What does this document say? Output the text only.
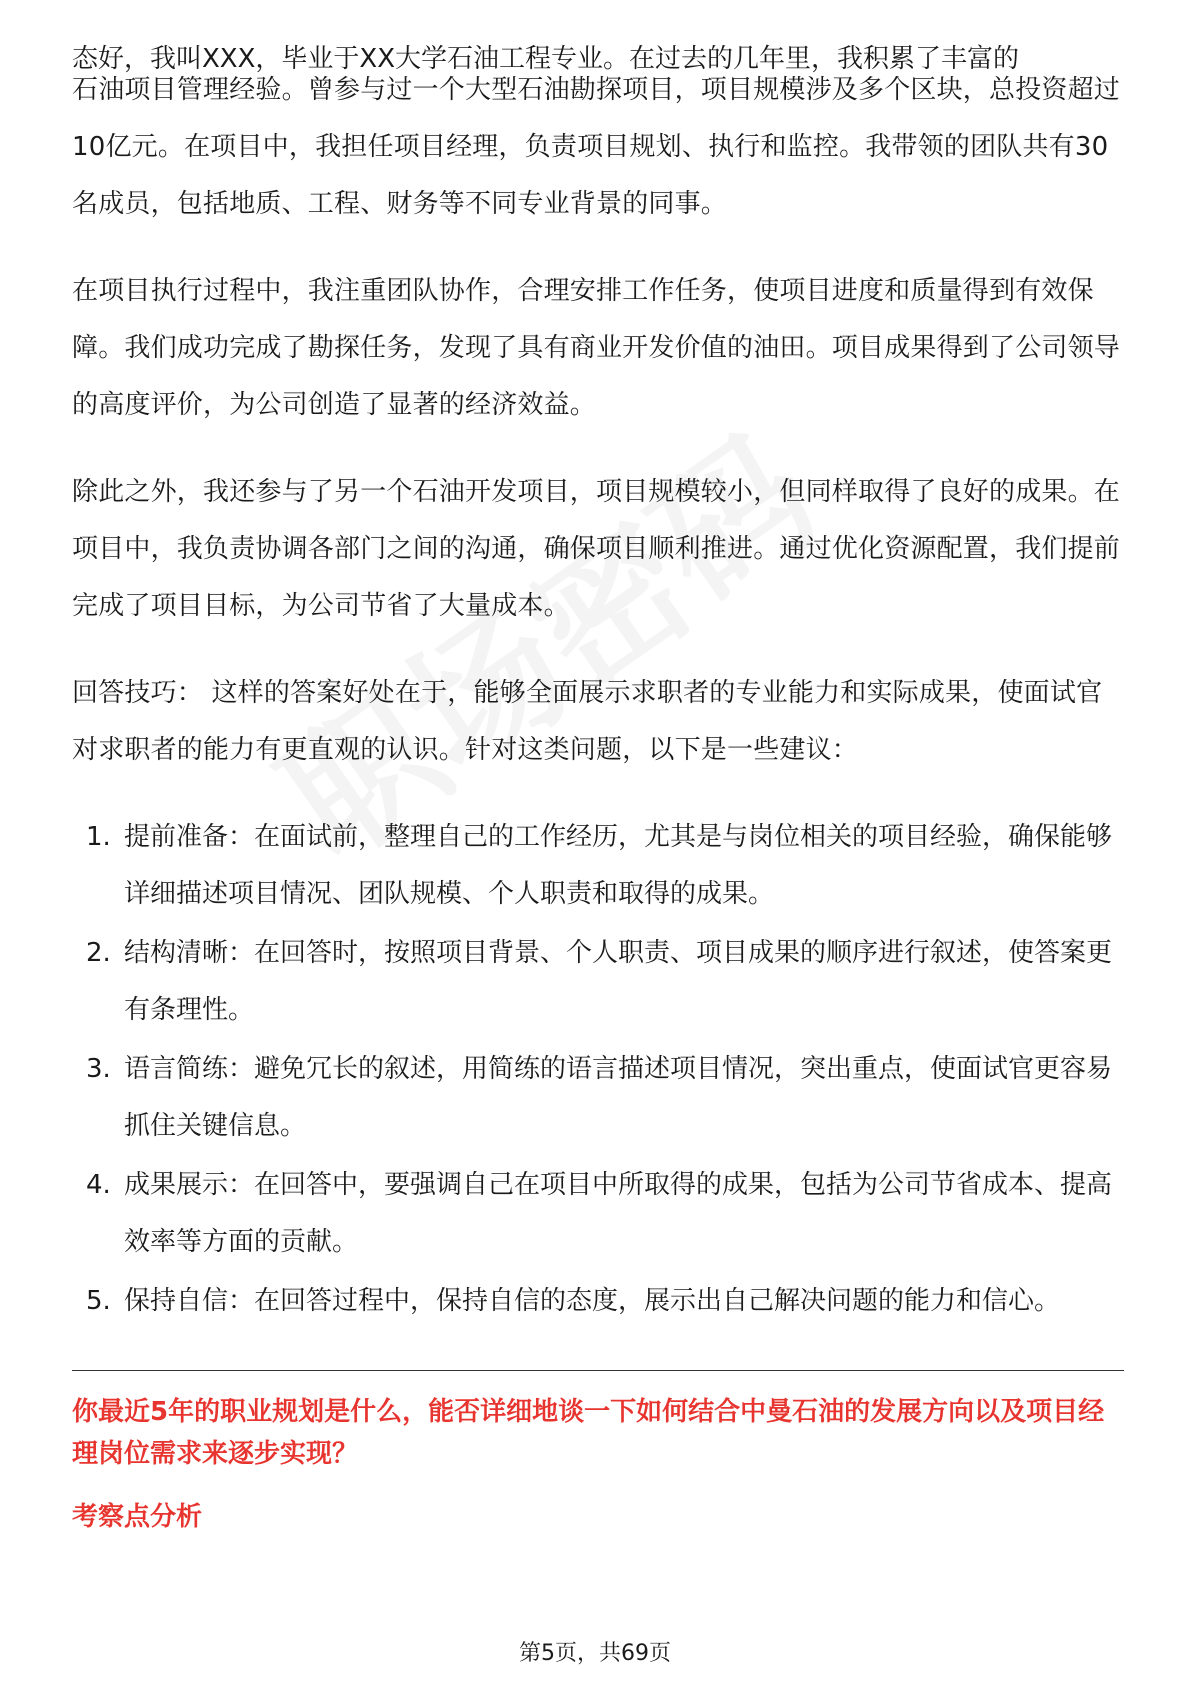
态好，我叫XXX，毕业于XX大学石油工程专业。在过去的几年里，我积累了丰富的

石油项目管理经验。曾参与过一个大型石油勘探项目，项目规模涉及多个区块，总投资超过10亿元。在项目中，我担任项目经理，负责项目规划、执行和监控。我带领的团队共有30名成员，包括地质、工程、财务等不同专业背景的同事。

在项目执行过程中，我注重团队协作，合理安排工作任务，使项目进度和质量得到有效保障。我们成功完成了勘探任务，发现了具有商业开发价值的油田。项目成果得到了公司领导的高度评价，为公司创造了显著的经济效益。

除此之外，我还参与了另一个石油开发项目，项目规模较小，但同样取得了良好的成果。在项目中，我负责协调各部门之间的沟通，确保项目顺利推进。通过优化资源配置，我们提前完成了项目目标，为公司节省了大量成本。

回答技巧： 这样的答案好处在于，能够全面展示求职者的专业能力和实际成果，使面试官对求职者的能力有更直观的认识。针对这类问题，以下是一些建议：

1. 提前准备：在面试前，整理自己的工作经历，尤其是与岗位相关的项目经验，确保能够详细描述项目情况、团队规模、个人职责和取得的成果。
2. 结构清晰：在回答时，按照项目背景、个人职责、项目成果的顺序进行叙述，使答案更有条理性。
3. 语言简练：避免冗长的叙述，用简练的语言描述项目情况，突出重点，使面试官更容易抓住关键信息。
4. 成果展示：在回答中，要强调自己在项目中所取得的成果，包括为公司节省成本、提高效率等方面的贡献。
5. 保持自信：在回答过程中，保持自信的态度，展示出自己解决问题的能力和信心。
你最近5年的职业规划是什么，能否详细地谈一下如何结合中曼石油的发展方向以及项目经理岗位需求来逐步实现？
考察点分析
第5页，共69页
